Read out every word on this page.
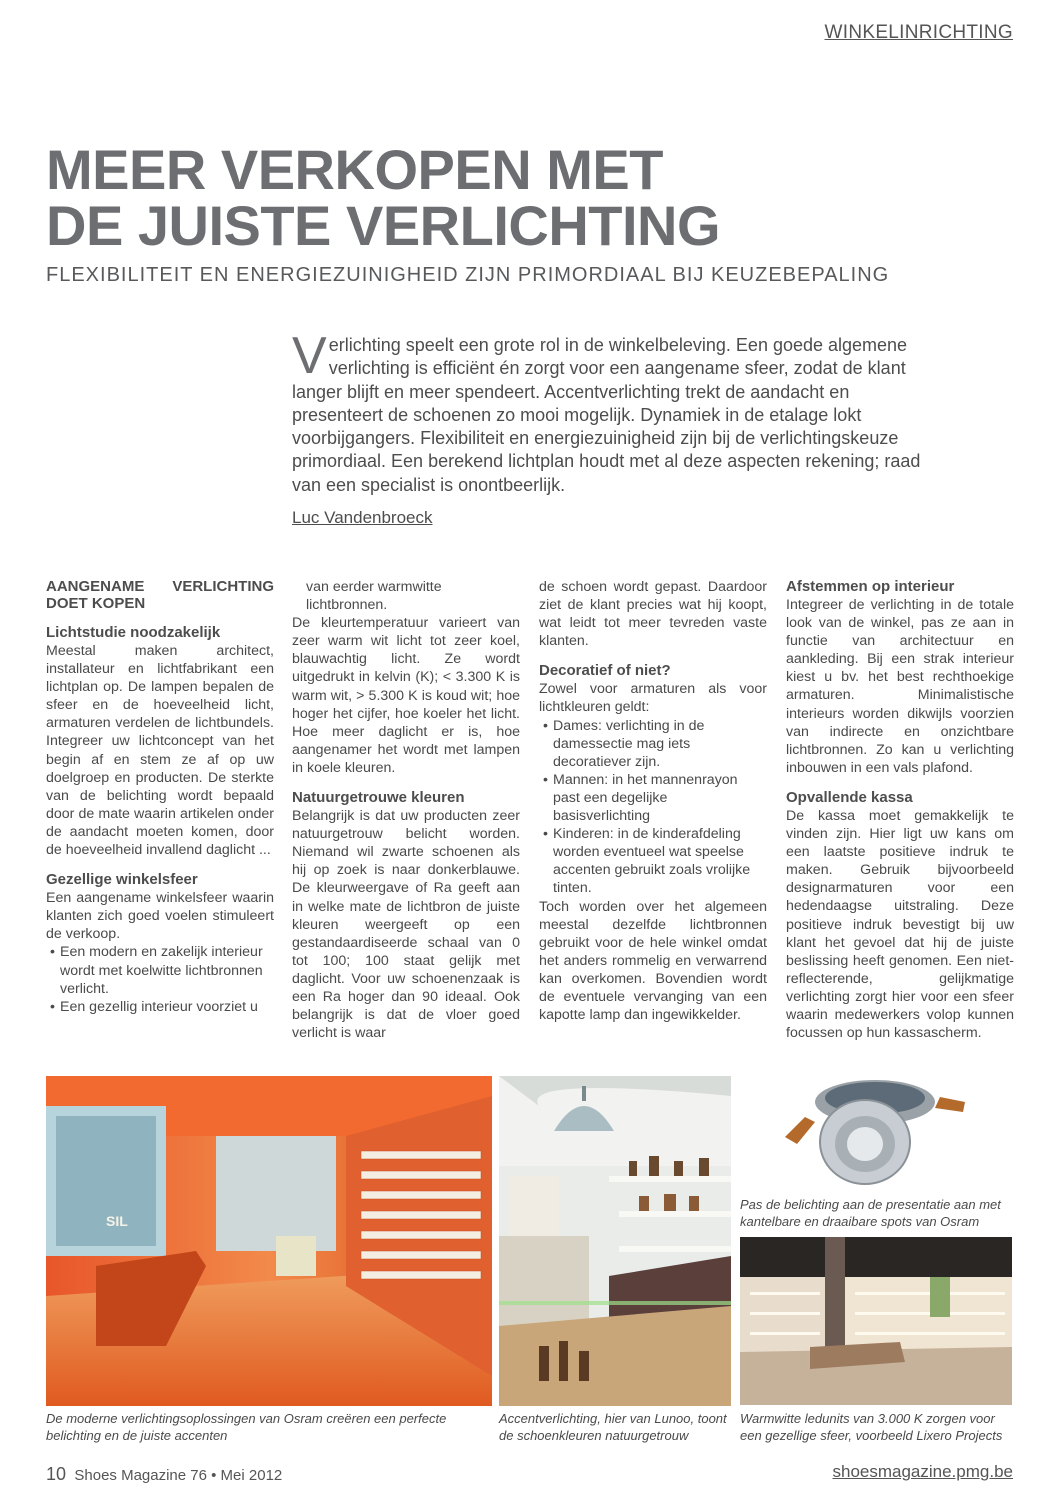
WINKELINRICHTING
MEER VERKOPEN MET
DE JUISTE VERLICHTING
FLEXIBILITEIT EN ENERGIEZUINIGHEID ZIJN PRIMORDIAAL BIJ KEUZEBEPALING
Verlichting speelt een grote rol in de winkelbeleving. Een goede algemene verlichting is efficiënt én zorgt voor een aangename sfeer, zodat de klant langer blijft en meer spendeert. Accentverlichting trekt de aandacht en presenteert de schoenen zo mooi mogelijk. Dynamiek in de etalage lokt voorbijgangers. Flexibiliteit en energiezuinigheid zijn bij de verlichtingskeuze primordiaal. Een berekend lichtplan houdt met al deze aspecten rekening; raad van een specialist is onontbeerlijk.
Luc Vandenbroeck
AANGENAME VERLICHTING DOET KOPEN
Lichtstudie noodzakelijk

Meestal maken architect, installateur en lichtfabrikant een lichtplan op. De lampen bepalen de sfeer en de hoeveelheid licht, armaturen verdelen de lichtbundels. Integreer uw lichtconcept van het begin af en stem ze af op uw doelgroep en producten. De sterkte van de belichting wordt bepaald door de mate waarin artikelen onder de aandacht moeten komen, door de hoeveelheid invallend daglicht ...

Gezellige winkelsfeer

Een aangename winkelsfeer waarin klanten zich goed voelen stimuleert de verkoop.

• Een modern en zakelijk interieur wordt met koelwitte lichtbronnen verlicht.
• Een gezellig interieur voorziet u

van eerder warmwitte lichtbronnen.

De kleurtemperatuur varieert van zeer warm wit licht tot zeer koel, blauwachtig licht. Ze wordt uitgedrukt in kelvin (K); < 3.300 K is warm wit, > 5.300 K is koud wit; hoe hoger het cijfer, hoe koeler het licht. Hoe meer daglicht er is, hoe aangenamer het wordt met lampen in koele kleuren.

Natuurgetrouwe kleuren

Belangrijk is dat uw producten zeer natuurgetrouw belicht worden. Niemand wil zwarte schoenen als hij op zoek is naar donkerblauwe. De kleurweergave of Ra geeft aan in welke mate de lichtbron de juiste kleuren weergeeft op een gestandaardiseerde schaal van 0 tot 100; 100 staat gelijk met daglicht. Voor uw schoenenzaak is een Ra hoger dan 90 ideaal. Ook belangrijk is dat de vloer goed verlicht is waar

de schoen wordt gepast. Daardoor ziet de klant precies wat hij koopt, wat leidt tot meer tevreden vaste klanten.

Decoratief of niet?

Zowel voor armaturen als voor lichtkleuren geldt:

• Dames: verlichting in de damessectie mag iets decoratiever zijn.
• Mannen: in het mannenrayon past een degelijke basisverlichting
• Kinderen: in de kinderafdeling worden eventueel wat speelse accenten gebruikt zoals vrolijke tinten.

Toch worden over het algemeen meestal dezelfde lichtbronnen gebruikt voor de hele winkel omdat het anders rommelig en verwarrend kan overkomen. Bovendien wordt de eventuele vervanging van een kapotte lamp dan ingewikkelder.

Afstemmen op interieur

Integreer de verlichting in de totale look van de winkel, pas ze aan in functie van architectuur en aankleding. Bij een strak interieur kiest u bv. het best rechthoekige armaturen. Minimalistische interieurs worden dikwijls voorzien van indirecte en onzichtbare lichtbronnen. Zo kan u verlichting inbouwen in een vals plafond.

Opvallende kassa

De kassa moet gemakkelijk te vinden zijn. Hier ligt uw kans om een laatste positieve indruk te maken. Gebruik bijvoorbeeld designarmaturen voor een hedendaagse uitstraling. Deze positieve indruk bevestigt bij uw klant het gevoel dat hij de juiste beslissing heeft genomen. Een niet-reflecterende, gelijkmatige verlichting zorgt hier voor een sfeer waarin medewerkers volop kunnen focussen op hun kassascherm.

SIL
De moderne verlichtingsoplossingen van Osram creëren een perfecte belichting en de juiste accenten
Accentverlichting, hier van Lunoo, toont de schoenkleuren natuurgetrouw
Pas de belichting aan de presentatie aan met kantelbare en draaibare spots van Osram
Warmwitte ledunits van 3.000 K zorgen voor een gezellige sfeer, voorbeeld Lixero Projects
10 Shoes Magazine 76 • Mei 2012	shoesmagazine.pmg.be
